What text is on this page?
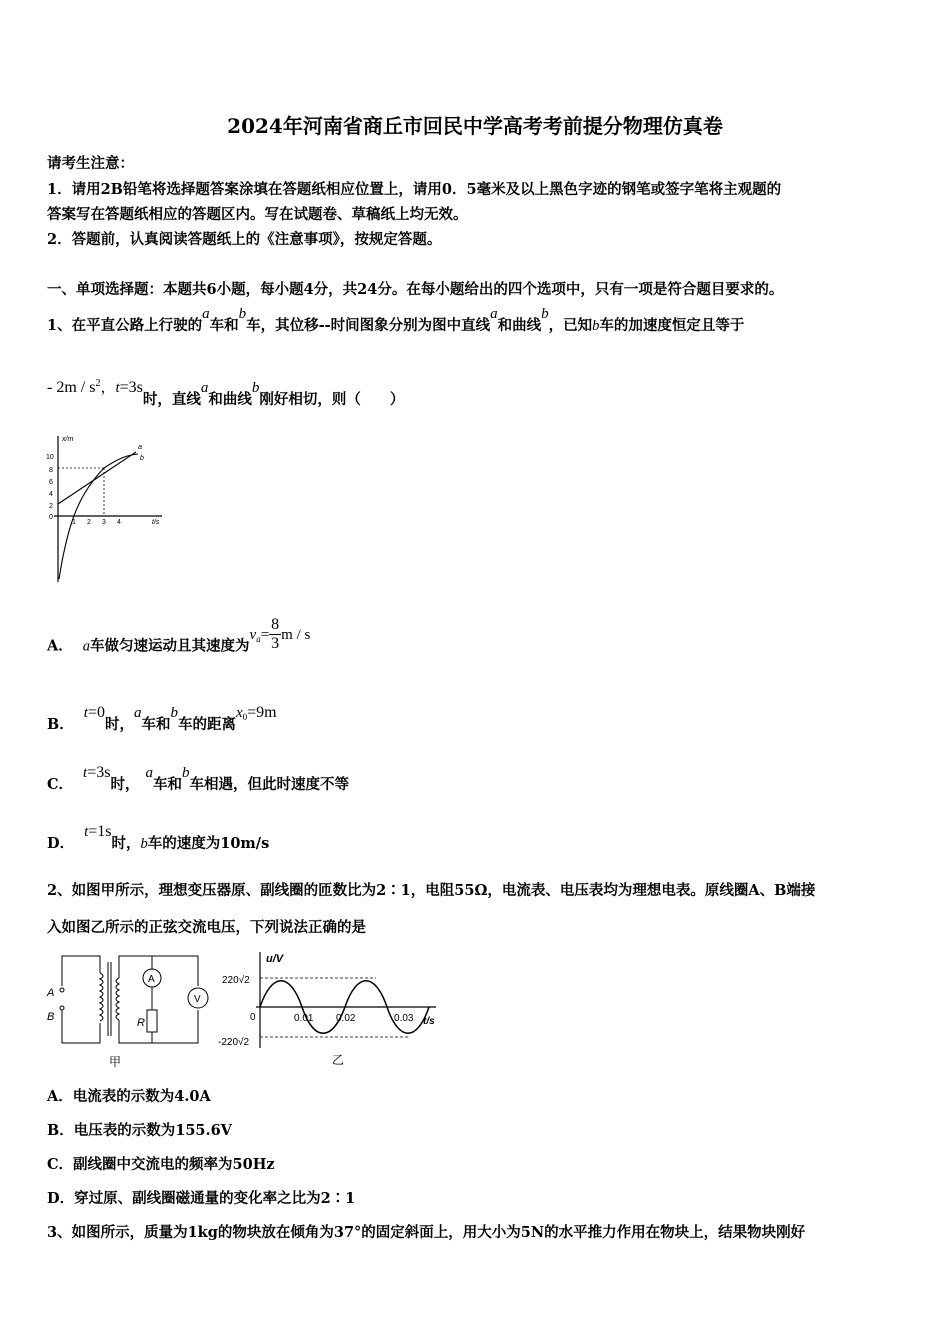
2024年河南省商丘市回民中学高考考前提分物理仿真卷
请考生注意：
1．请用2B铅笔将选择题答案涂填在答题纸相应位置上，请用0．5毫米及以上黑色字迹的钢笔或签字笔将主观题的
答案写在答题纸相应的答题区内。写在试题卷、草稿纸上均无效。
2．答题前，认真阅读答题纸上的《注意事项》，按规定答题。
一、单项选择题：本题共6小题，每小题4分，共24分。在每小题给出的四个选项中，只有一项是符合题目要求的。
1、在平直公路上行驶的a车和b车，其位移--时间图象分别为图中直线a和曲线b，已知b车的加速度恒定且等于
- $2m / s^2$，t=3s时，直线a和曲线b刚好相切，则（　　）
x/m
t/s
10
8
6
4
2
0
1 2 3 4
a
b
A． a车做匀速运动且其速度为$v^a= \frac{8}{3}$ m / s
B．t=0时，a车和b车的距离$x^0=9m$
C．t=3s时，a车和b车相遇，但此时速度不等
D．t=1s时，b车的速度为10m/s
2、如图甲所示，理想变压器原、副线圈的匝数比为2∶1，电阻55Ω，电流表、电压表均为理想电表。原线圈A、B端接
入如图乙所示的正弦交流电压，下列说法正确的是
A
B
A
V
R
甲
u/V
220√2
0
-220√2
0.01 0.02	0.03 t/s
乙
A．电流表的示数为4.0A
B．电压表的示数为155.6V
C．副线圈中交流电的频率为50Hz
D．穿过原、副线圈磁通量的变化率之比为2∶1
3、如图所示，质量为1kg的物块放在倾角为37°的固定斜面上，用大小为5N的水平推力作用在物块上，结果物块刚好
